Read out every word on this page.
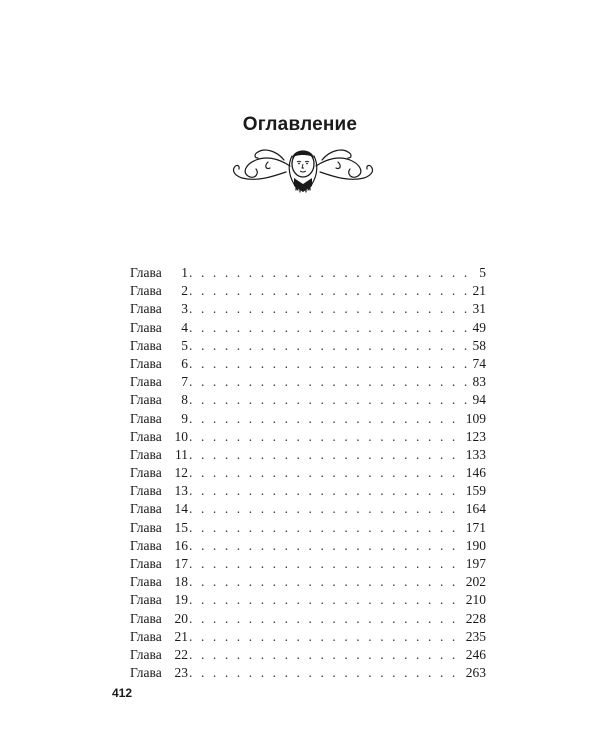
Оглавление
Глава	1 . . .	5
Глава	2 . . .	21
Глава	3 . . .	31
Глава	4 . . .	49
Глава	5 . . .	58
Глава	6 . . .	74
Глава	7 . . .	83
Глава	8 . . .	94
Глава	9 . . .	109
Глава 10 . . .	123
Глава 11 . . .	133
Глава 12 . . .	146
Глава 13 . . .	159
Глава 14 . . .	164
Глава 15 . . .	171
Глава 16 . . .	190
Глава 17 . . .	197
Глава 18 . . .	202
Глава 19 . . .	210
Глава 20 . . .	228
Глава 21 . . .	235
Глава 22 . . .	246
Глава 23 . . .	263
412
